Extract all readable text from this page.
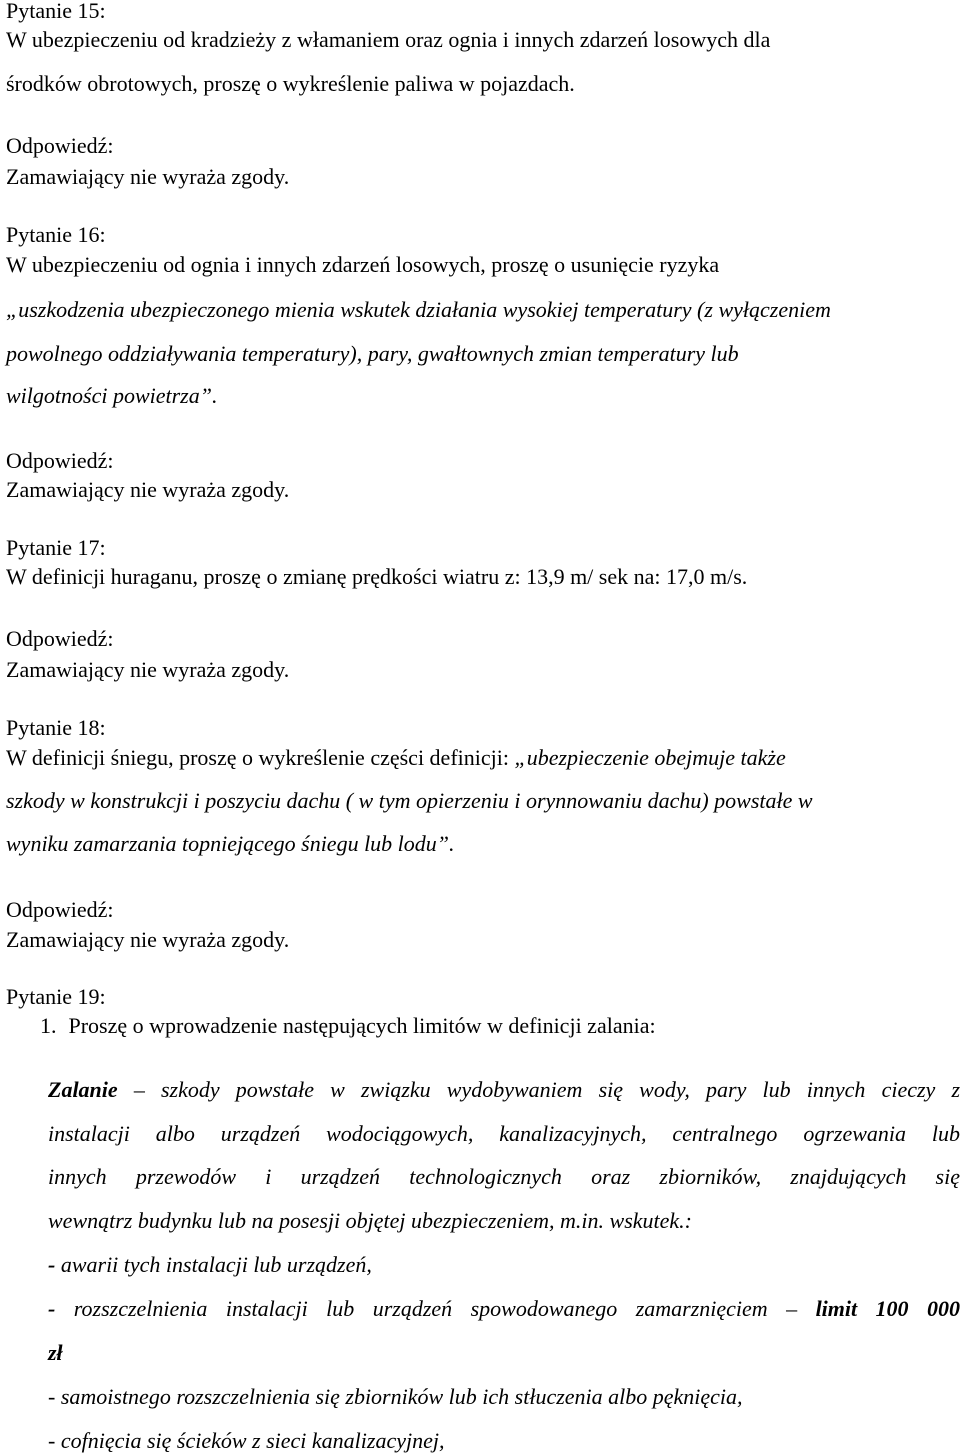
Pytanie 15:
W ubezpieczeniu od kradzieży z włamaniem oraz ognia i innych zdarzeń losowych dla
środków obrotowych, proszę o wykreślenie paliwa w pojazdach.
Odpowiedź:
Zamawiający nie wyraża zgody.
Pytanie 16:
W ubezpieczeniu od ognia i innych zdarzeń losowych, proszę o usunięcie ryzyka
„uszkodzenia ubezpieczonego mienia wskutek działania wysokiej temperatury (z wyłączeniem
powolnego oddziaływania temperatury), pary, gwałtownych zmian temperatury lub
wilgotności powietrza”.
Odpowiedź:
Zamawiający nie wyraża zgody.
Pytanie 17:
W definicji huraganu, proszę o zmianę prędkości wiatru z: 13,9 m/ sek na: 17,0 m/s.
Odpowiedź:
Zamawiający nie wyraża zgody.
Pytanie 18:
W definicji śniegu, proszę o wykreślenie części definicji: „ubezpieczenie obejmuje także
szkody w konstrukcji i poszyciu dachu ( w tym opierzeniu i orynnowaniu dachu) powstałe w
wyniku zamarzania topniejącego śniegu lub lodu”.
Odpowiedź:
Zamawiający nie wyraża zgody.
Pytanie 19:
1. Proszę o wprowadzenie następujących limitów w definicji zalania:
Zalanie – szkody powstałe w związku wydobywaniem się wody, pary lub innych cieczy z
instalacji albo urządzeń wodociągowych, kanalizacyjnych, centralnego ogrzewania lub
innych przewodów i urządzeń technologicznych oraz zbiorników, znajdujących się
wewnątrz budynku lub na posesji objętej ubezpieczeniem, m.in. wskutek.:
- awarii tych instalacji lub urządzeń,
- rozszczelnienia instalacji lub urządzeń spowodowanego zamarznięciem – limit 100 000
zł
- samoistnego rozszczelnienia się zbiorników lub ich stłuczenia albo pęknięcia,
- cofnięcia się ścieków z sieci kanalizacyjnej,
